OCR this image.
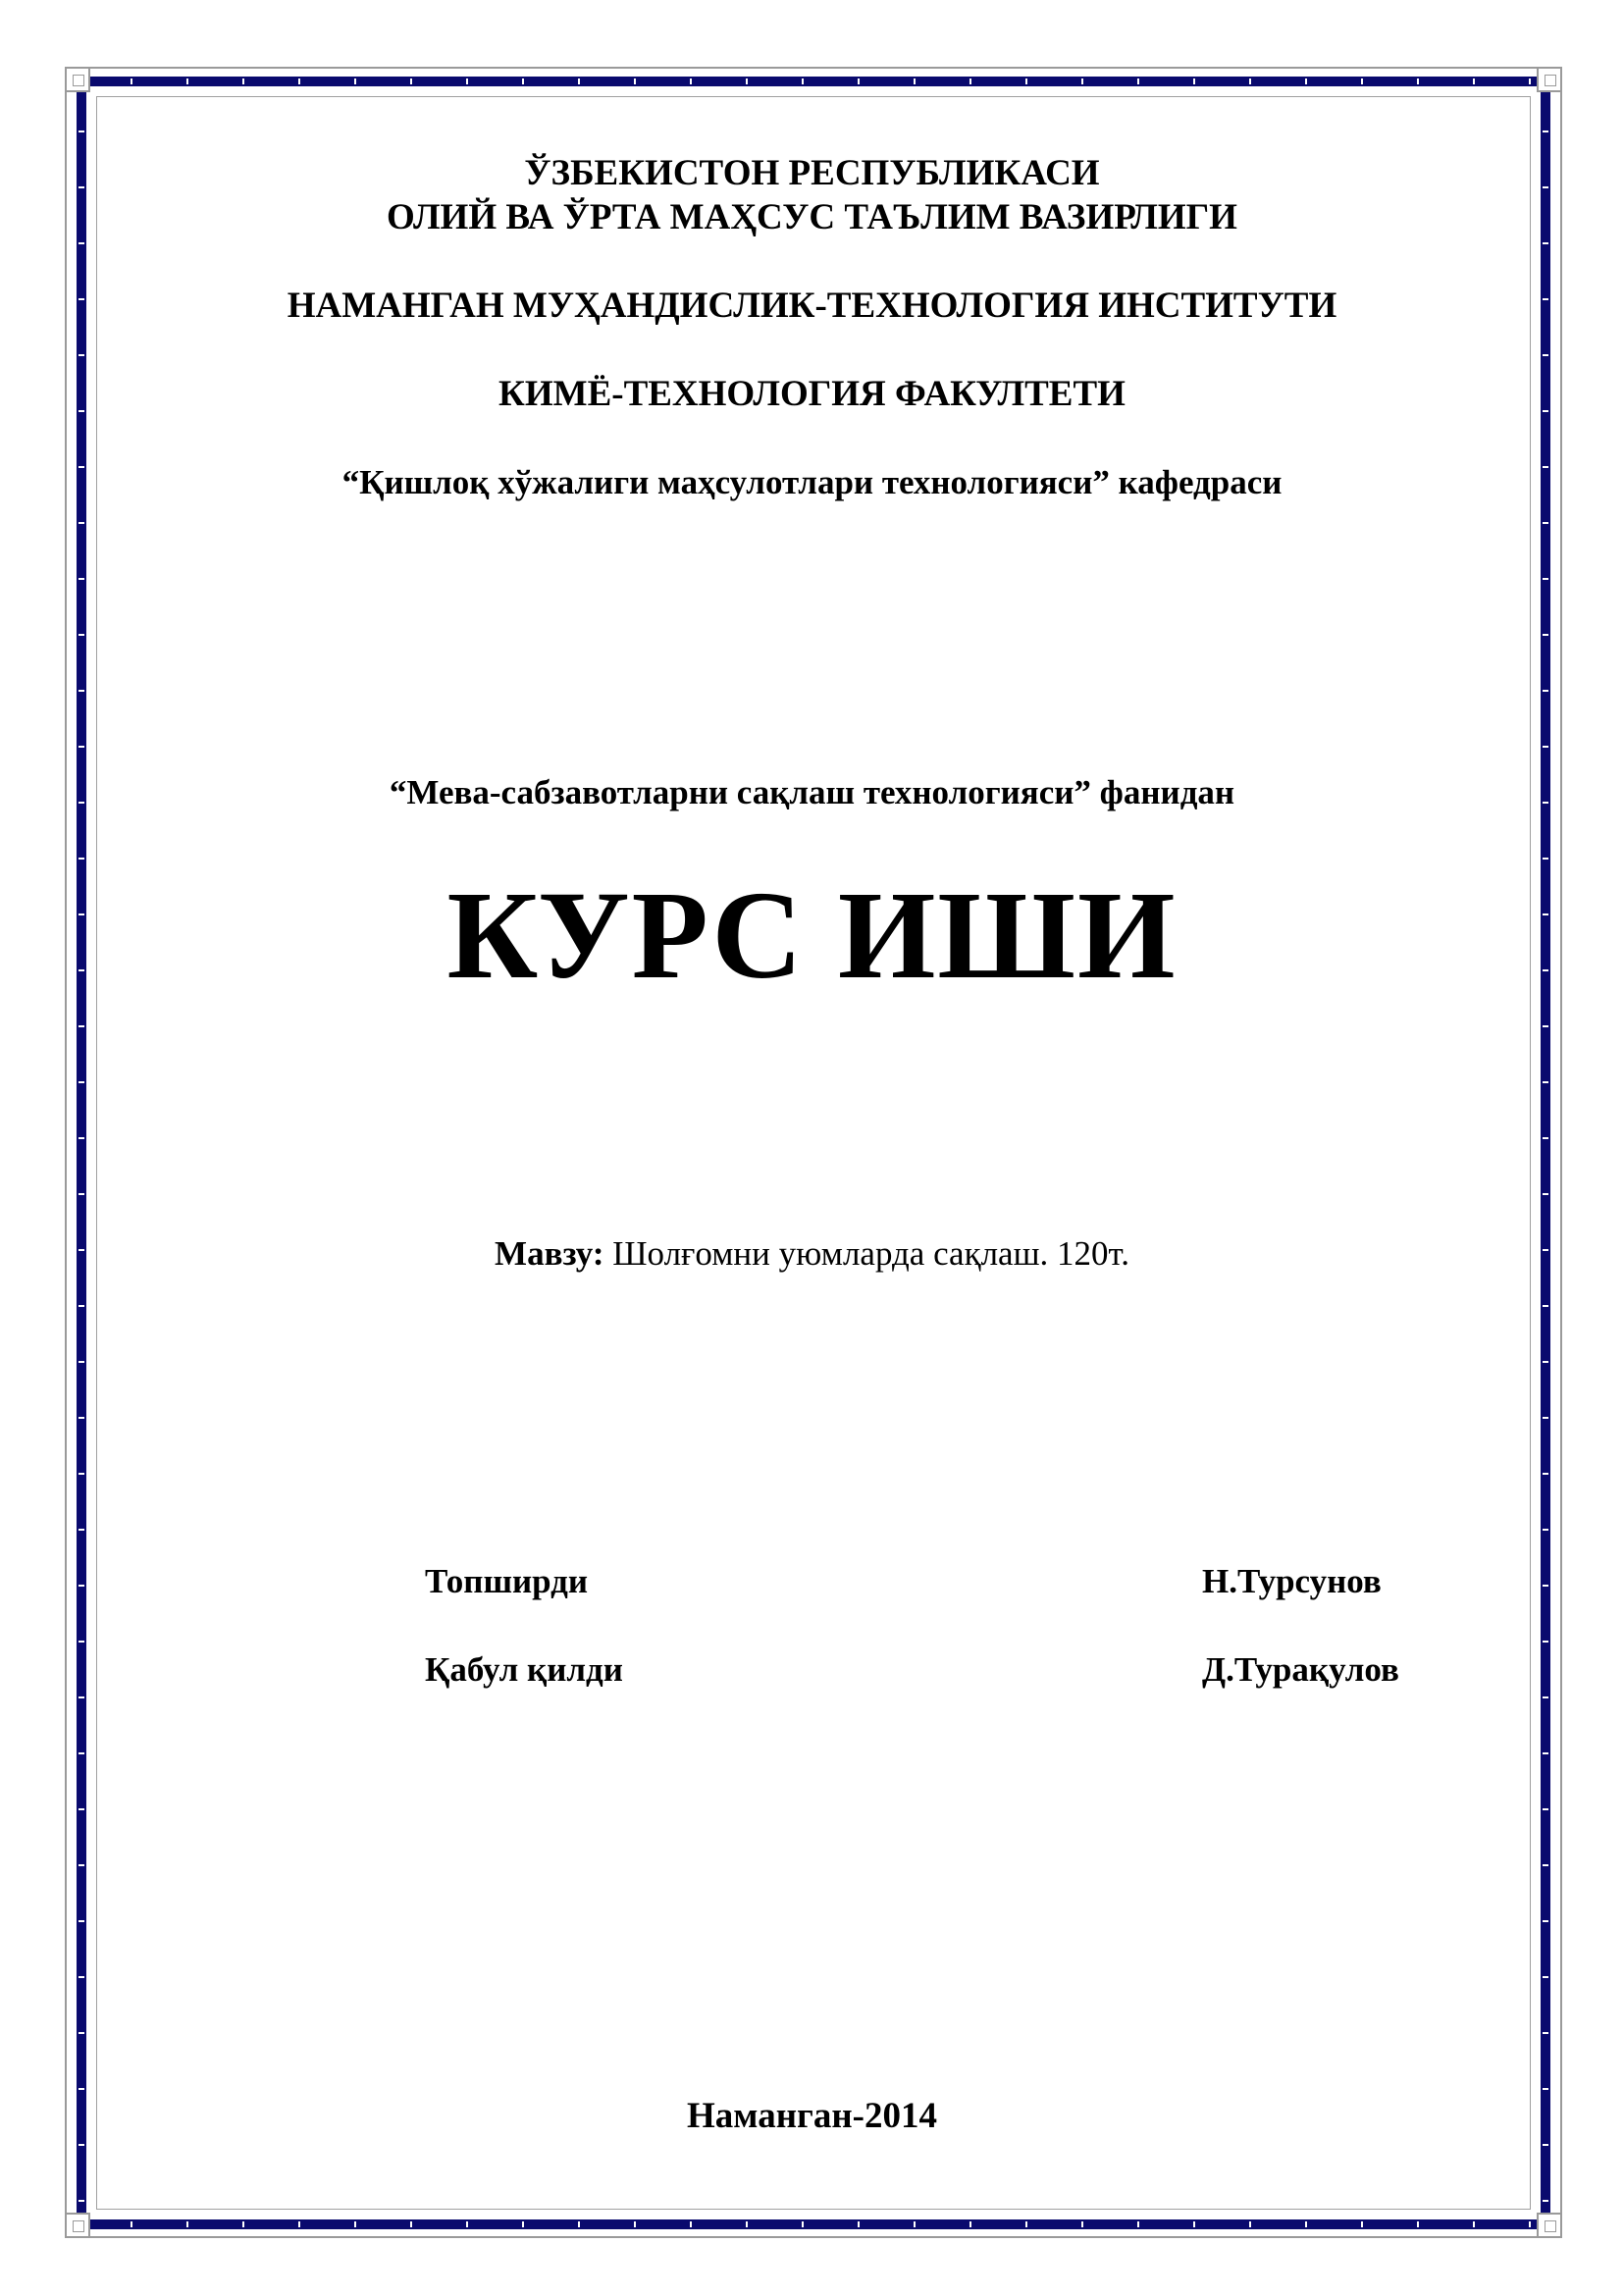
ЎЗБЕКИСТОН РЕСПУБЛИКАСИ
ОЛИЙ ВА ЎРТА МАҲСУС ТАЪЛИМ ВАЗИРЛИГИ
НАМАНГАН МУҲАНДИСЛИК-ТЕХНОЛОГИЯ ИНСТИТУТИ
КИМЁ-ТЕХНОЛОГИЯ ФАКУЛТЕТИ
“Қишлоқ хўжалиги маҳсулотлари технологияси” кафедраси
“Мева-сабзавотларни сақлаш технологияси” фанидан
КУРС ИШИ
Мавзу: Шолғомни уюмларда сақлаш. 120т.
Топширди	Н.Турсунов
Қабул қилди	Д.Турақулов
Наманган-2014
